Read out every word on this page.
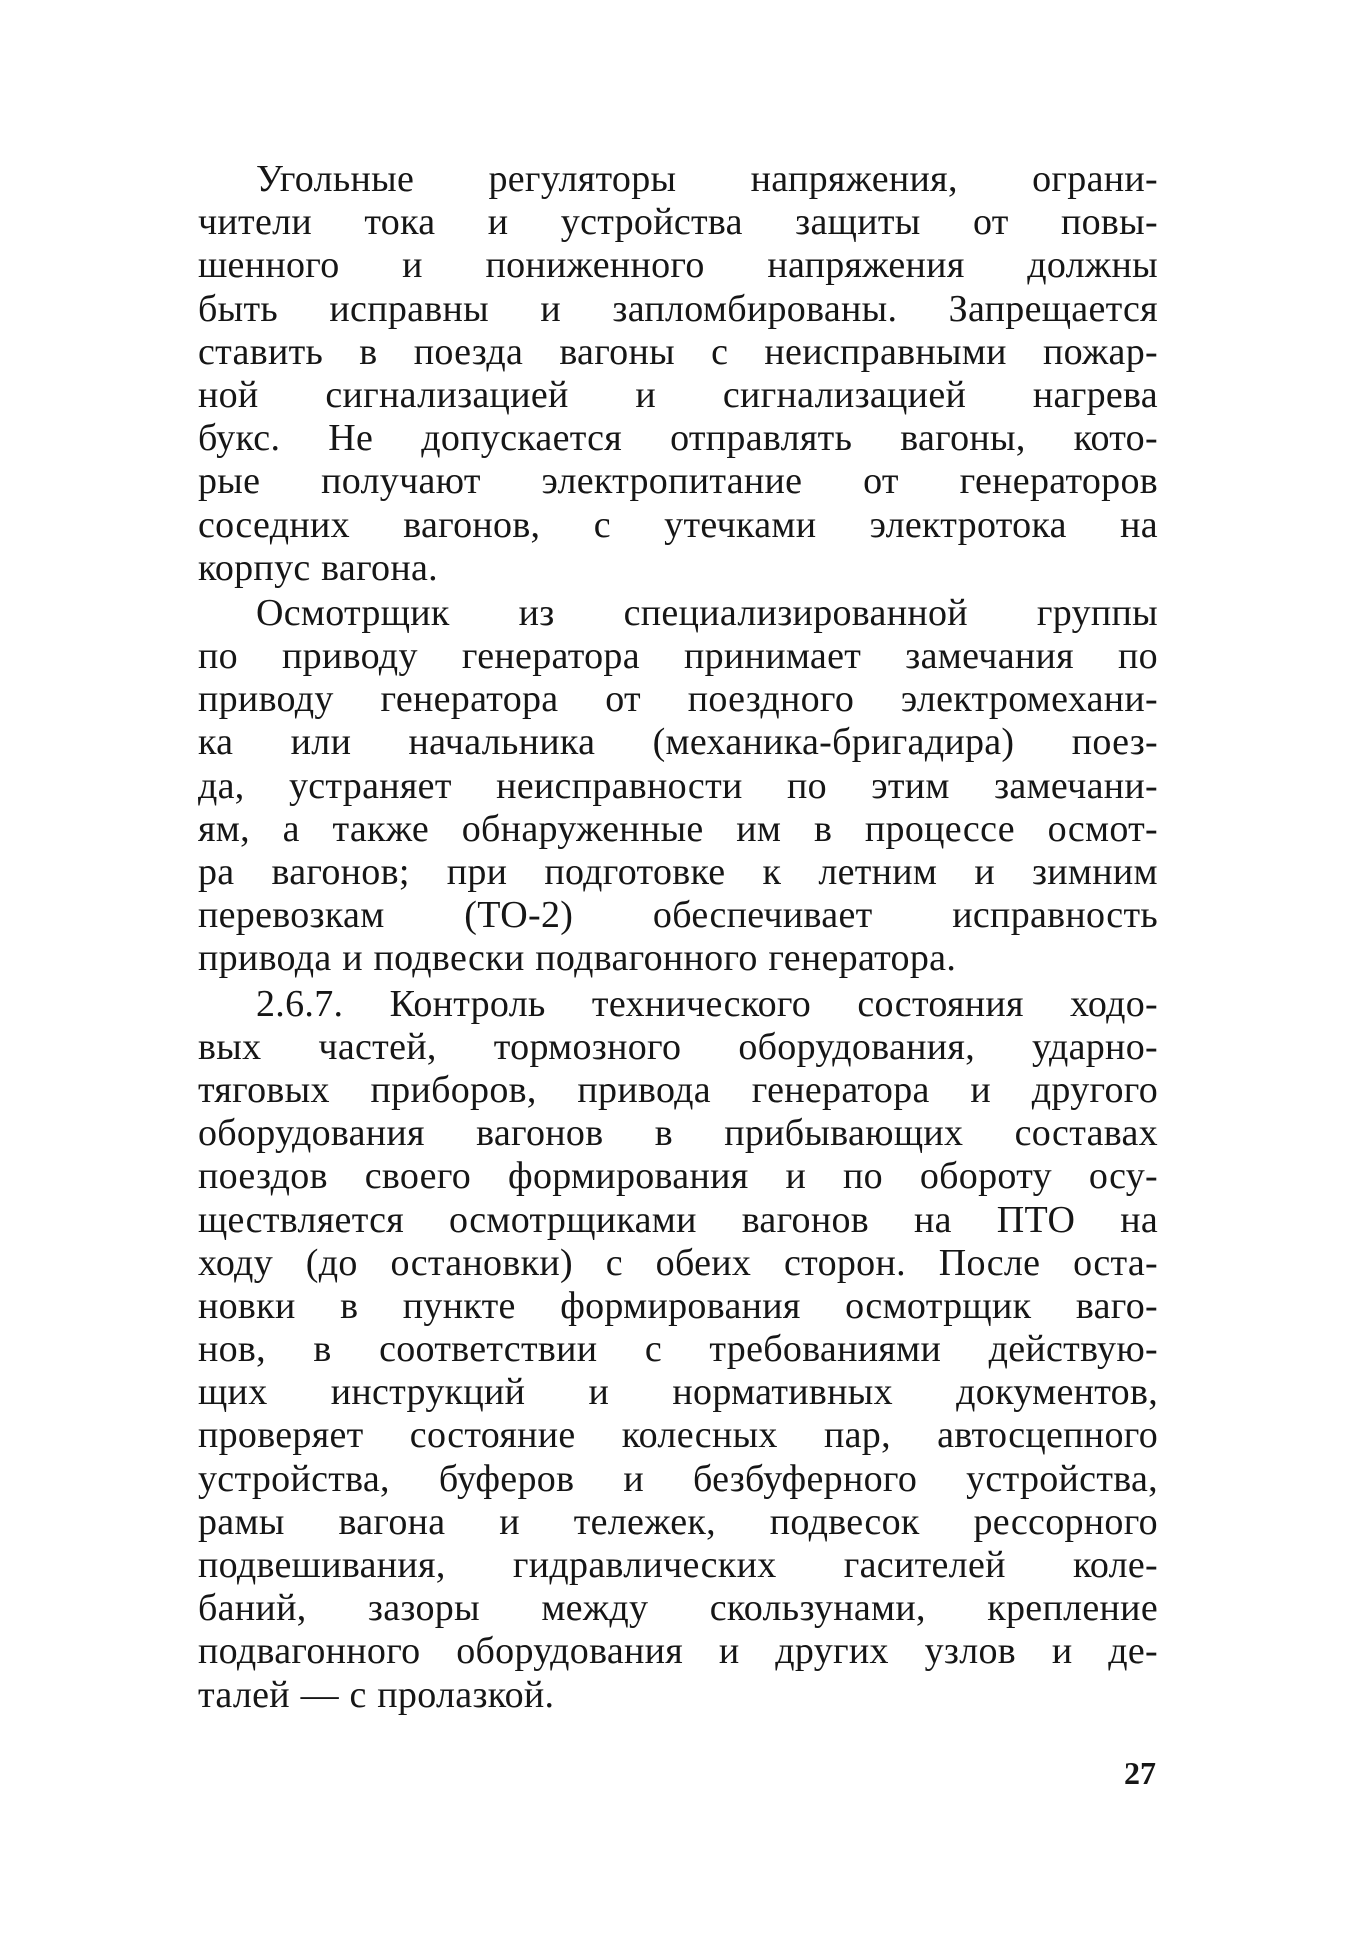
Угольные регуляторы напряжения, ограни-
чители тока и устройства защиты от повы-
шенного и пониженного напряжения должны
быть исправны и запломбированы. Запрещается
ставить в поезда вагоны с неисправными пожар-
ной сигнализацией и сигнализацией нагрева
букс. Не допускается отправлять вагоны, кото-
рые получают электропитание от генераторов
соседних вагонов, с утечками электротока на
корпус вагона.
Осмотрщик из специализированной группы
по приводу генератора принимает замечания по
приводу генератора от поездного электромехани-
ка или начальника (механика-бригадира) поез-
да, устраняет неисправности по этим замечани-
ям, а также обнаруженные им в процессе осмот-
ра вагонов; при подготовке к летним и зимним
перевозкам (ТО-2) обеспечивает исправность
привода и подвески подвагонного генератора.
2.6.7. Контроль технического состояния ходо-
вых частей, тормозного оборудования, ударно-
тяговых приборов, привода генератора и другого
оборудования вагонов в прибывающих составах
поездов своего формирования и по обороту осу-
ществляется осмотрщиками вагонов на ПТО на
ходу (до остановки) с обеих сторон. После оста-
новки в пункте формирования осмотрщик ваго-
нов, в соответствии с требованиями действую-
щих инструкций и нормативных документов,
проверяет состояние колесных пар, автосцепного
устройства, буферов и безбуферного устройства,
рамы вагона и тележек, подвесок рессорного
подвешивания, гидравлических гасителей коле-
баний, зазоры между скользунами, крепление
подвагонного оборудования и других узлов и де-
талей — с пролазкой.
27
